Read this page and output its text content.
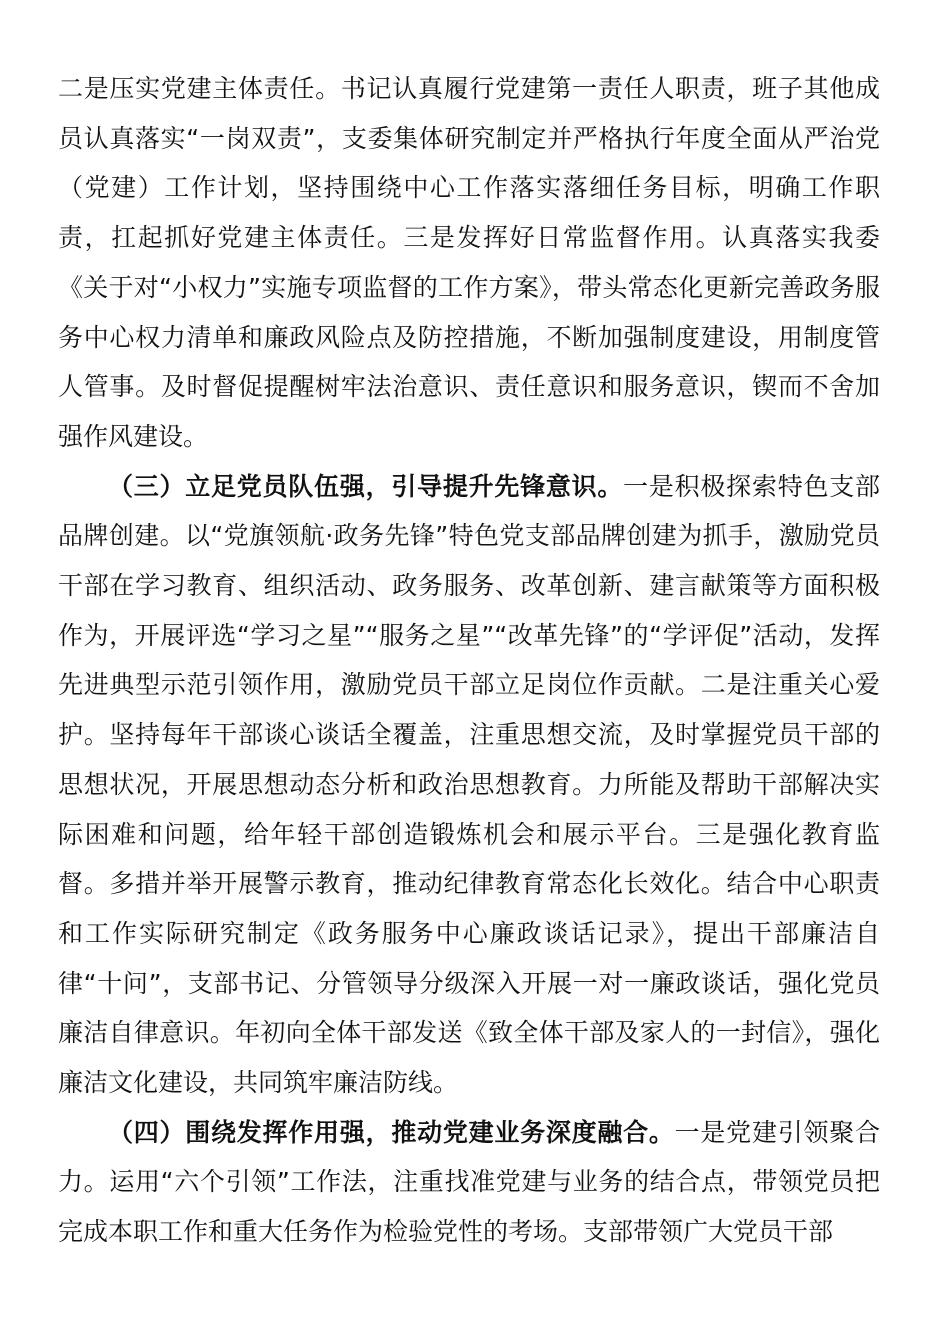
二是压实党建主体责任。书记认真履行党建第一责任人职责，班子其他成员认真落实“一岗双责”，支委集体研究制定并严格执行年度全面从严治党（党建）工作计划，坚持围绕中心工作落实落细任务目标，明确工作职责，扛起抓好党建主体责任。三是发挥好日常监督作用。认真落实我委《关于对“小权力”实施专项监督的工作方案》，带头常态化更新完善政务服务中心权力清单和廉政风险点及防控措施，不断加强制度建设，用制度管人管事。及时督促提醒树牢法治意识、责任意识和服务意识，锲而不舍加强作风建设。

（三）立足党员队伍强，引导提升先锋意识。一是积极探索特色支部品牌创建。以“党旗领航·政务先锋”特色党支部品牌创建为抓手，激励党员干部在学习教育、组织活动、政务服务、改革创新、建言献策等方面积极作为，开展评选“学习之星”“服务之星”“改革先锋”的“学评促”活动，发挥先进典型示范引领作用，激励党员干部立足岗位作贡献。二是注重关心爱护。坚持每年干部谈心谈话全覆盖，注重思想交流，及时掌握党员干部的思想状况，开展思想动态分析和政治思想教育。力所能及帮助干部解决实际困难和问题，给年轻干部创造锻炼机会和展示平台。三是强化教育监督。多措并举开展警示教育，推动纪律教育常态化长效化。结合中心职责和工作实际研究制定《政务服务中心廉政谈话记录》，提出干部廉洁自律“十问”，支部书记、分管领导分级深入开展一对一廉政谈话，强化党员廉洁自律意识。年初向全体干部发送《致全体干部及家人的一封信》，强化廉洁文化建设，共同筑牢廉洁防线。

（四）围绕发挥作用强，推动党建业务深度融合。一是党建引领聚合力。运用“六个引领”工作法，注重找准党建与业务的结合点，带领党员把完成本职工作和重大任务作为检验党性的考场。支部带领广大党员干部
